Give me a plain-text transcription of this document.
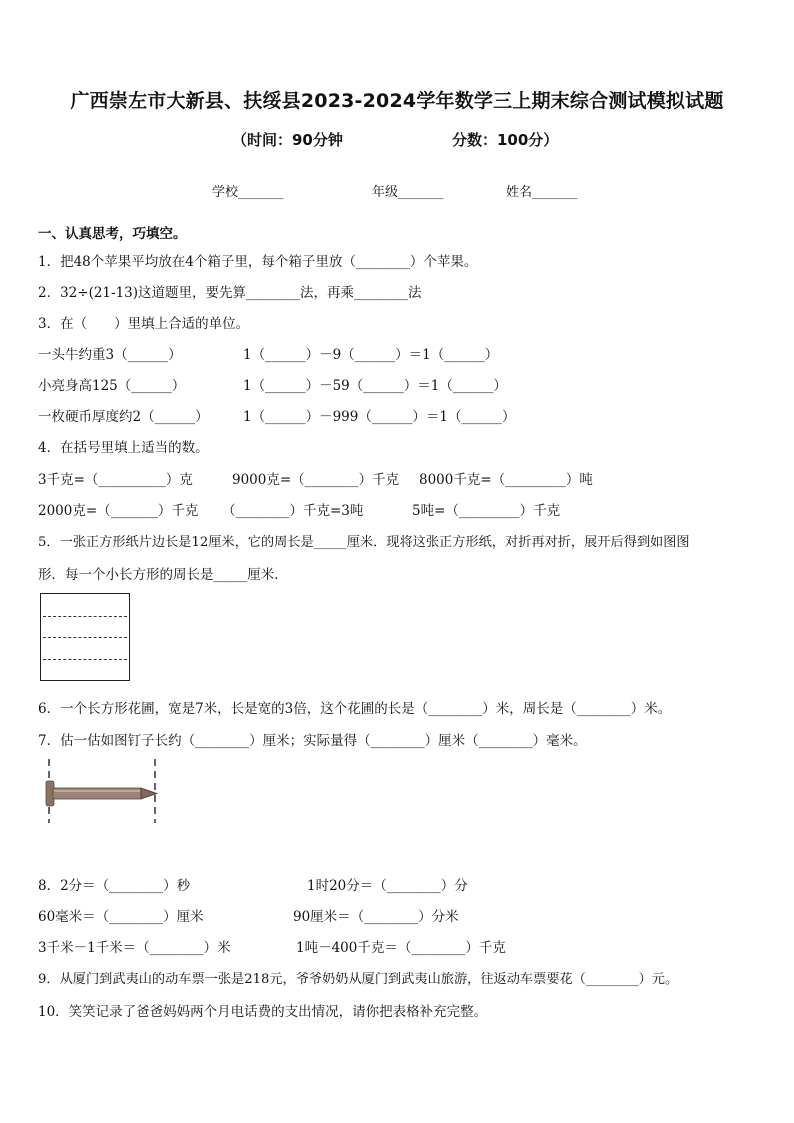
广西崇左市大新县、扶绥县2023-2024学年数学三上期末综合测试模拟试题
（时间：90分钟	分数：100分）
学校_______	年级_______	姓名_______
一、认真思考，巧填空。
1．把48个苹果平均放在4个箱子里，每个箱子里放（________）个苹果。
2．32÷(21-13)这道题里，要先算________法，再乘________法
3．在（　　）里填上合适的单位。
一头牛约重3（______）	1（______）－9（______）＝1（______）
小亮身高125（______）	1（______）－59（______）＝1（______）
一枚硬币厚度约2（______）	1（______）－999（______）＝1（______）
4．在括号里填上适当的数。
3千克=（__________）克	9000克=（________）千克 8000千克=（_________）吨
2000克=（_______）千克 （________）千克=3吨	5吨=（_________）千克
5．一张正方形纸片边长是12厘米，它的周长是_____厘米．现将这张正方形纸，对折再对折，展开后得到如图图
形．每一个小长方形的周长是_____厘米．
6．一个长方形花圃，宽是7米，长是宽的3倍，这个花圃的长是（________）米，周长是（________）米。
7．估一估如图钉子长约（________）厘米；实际量得（________）厘米（________）毫米。
8．2分＝（________）秒	1时20分＝（________）分
60毫米＝（________）厘米	90厘米＝（________）分米
3千米－1千米＝（________）米	1吨－400千克＝（________）千克
9．从厦门到武夷山的动车票一张是218元，爷爷奶奶从厦门到武夷山旅游，往返动车票要花（________）元。
10．笑笑记录了爸爸妈妈两个月电话费的支出情况，请你把表格补充完整。
